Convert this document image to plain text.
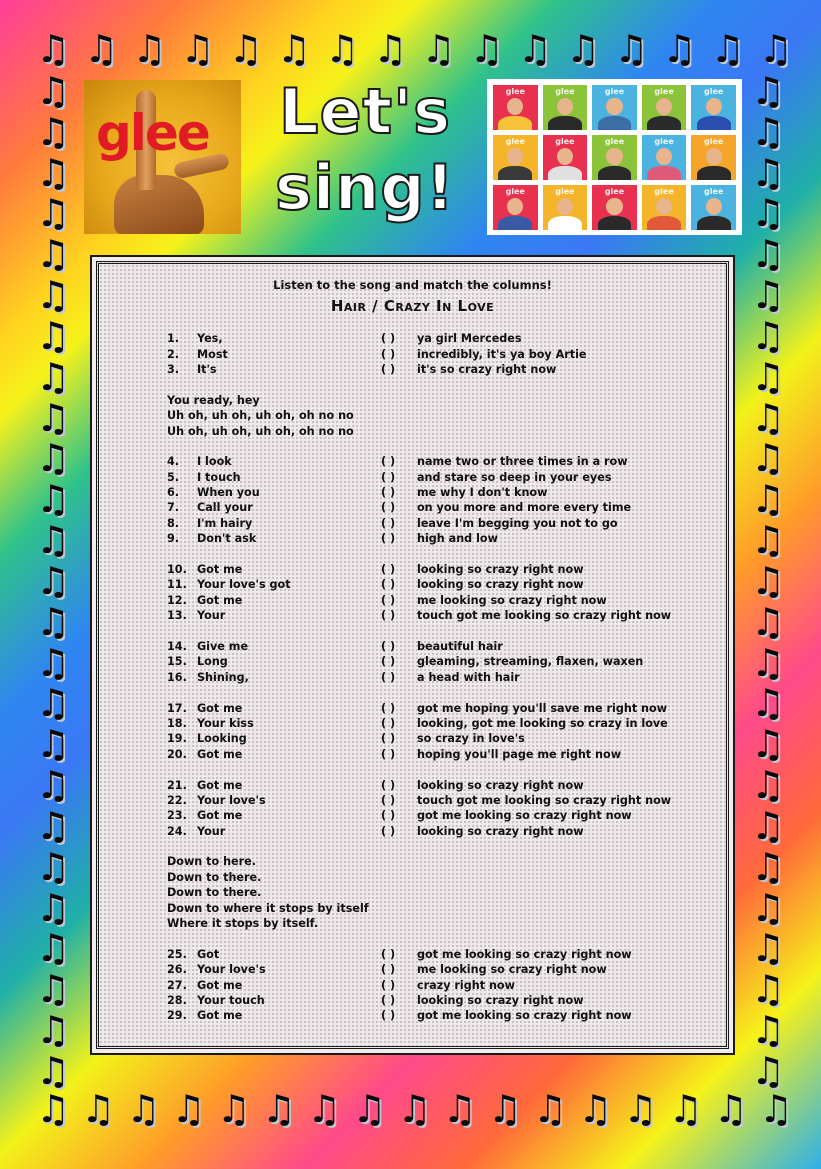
♫ ♫ ♫ ♫ ♫ ♫ ♫ ♫ ♫ ♫ ♫ ♫ ♫ ♫ ♫ ♫
♫ ♫ ♫ ♫ ♫ ♫ ♫ ♫ ♫ ♫ ♫ ♫ ♫ ♫ ♫ ♫ ♫
♫
♫
♫
♫
♫
♫
♫
♫
♫
♫
♫
♫
♫
♫
♫
♫
♫
♫
♫
♫
♫
♫
♫
♫
♫
♫
♫
♫
♫
♫
♫
♫
♫
♫
♫
♫
♫
♫
♫
♫
♫
♫
♫
♫
♫
♫
♫
♫
♫
♫
glee Let's
sing!
glee	glee	glee	glee	glee
glee	glee	glee	glee	glee
glee	glee	glee	glee	glee
Listen to the song and match the columns!
Hair / Crazy In Love
1.	Yes,	( )	ya girl Mercedes
2.	Most	( )	incredibly, it's ya boy Artie
3.	It's	( )	it's so crazy right now
You ready, hey
Uh oh, uh oh, uh oh, oh no no
Uh oh, uh oh, uh oh, oh no no
4.	I look	( )	name two or three times in a row
5.	I touch	( )	and stare so deep in your eyes
6.	When you	( )	me why I don't know
7.	Call your	( )	on you more and more every time
8.	I'm hairy	( )	leave I'm begging you not to go
9.	Don't ask	( )	high and low
10. Got me	( )	looking so crazy right now
11. Your love's got	( )	looking so crazy right now
12. Got me	( )	me looking so crazy right now
13. Your	( )	touch got me looking so crazy right now
14. Give me	( )	beautiful hair
15. Long	( )	gleaming, streaming, flaxen, waxen
16. Shining,	( )	a head with hair
17. Got me	( )	got me hoping you'll save me right now
18. Your kiss	( )	looking, got me looking so crazy in love
19. Looking	( )	so crazy in love's
20. Got me	( )	hoping you'll page me right now
21. Got me	( )	looking so crazy right now
22. Your love's	( )	touch got me looking so crazy right now
23. Got me	( )	got me looking so crazy right now
24. Your	( )	looking so crazy right now
Down to here.
Down to there.
Down to there.
Down to where it stops by itself
Where it stops by itself.
25. Got	( )	got me looking so crazy right now
26. Your love's	( )	me looking so crazy right now
27. Got me	( )	crazy right now
28. Your touch	( )	looking so crazy right now
29. Got me	( )	got me looking so crazy right now
